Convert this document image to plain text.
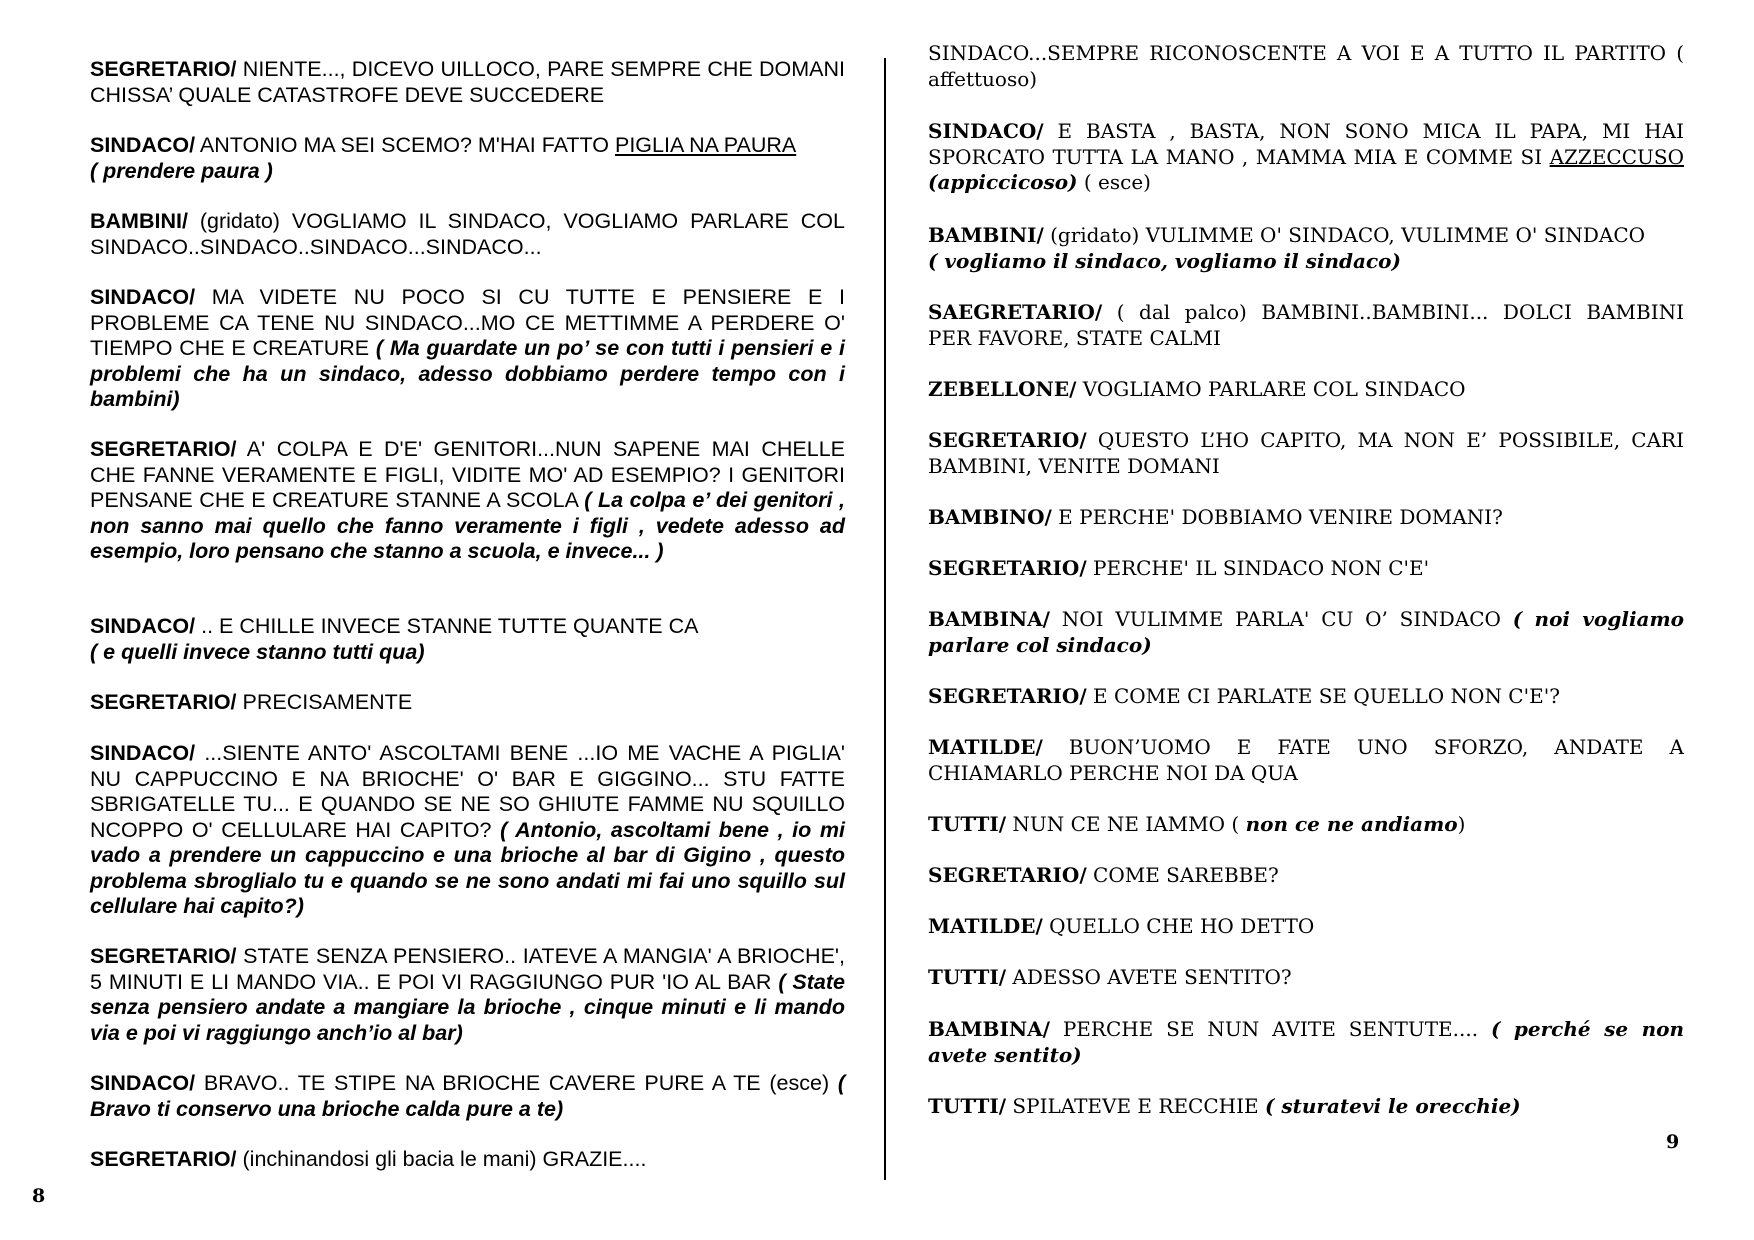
SEGRETARIO/ NIENTE..., DICEVO UILLOCO, PARE SEMPRE CHE DOMANI CHISSA’ QUALE CATASTROFE DEVE SUCCEDERE

SINDACO/ ANTONIO MA SEI SCEMO? M'HAI FATTO PIGLIA NA PAURA
( prendere paura )

BAMBINI/ (gridato) VOGLIAMO IL SINDACO, VOGLIAMO PARLARE COL SINDACO..SINDACO..SINDACO...SINDACO...

SINDACO/ MA VIDETE NU POCO SI CU TUTTE E PENSIERE E I PROBLEME CA TENE NU SINDACO...MO CE METTIMME A PERDERE O' TIEMPO CHE E CREATURE ( Ma guardate un po’ se con tutti i pensieri e i problemi che ha un sindaco, adesso dobbiamo perdere tempo con i bambini)

SEGRETARIO/ A' COLPA E D'E' GENITORI...NUN SAPENE MAI CHELLE CHE FANNE VERAMENTE E FIGLI, VIDITE MO' AD ESEMPIO? I GENITORI PENSANE CHE E CREATURE STANNE A SCOLA ( La colpa e’ dei genitori , non sanno mai quello che fanno veramente i figli , vedete adesso ad esempio, loro pensano che stanno a scuola, e invece... )

SINDACO/ .. E CHILLE INVECE STANNE TUTTE QUANTE CA
( e quelli invece stanno tutti qua)

SEGRETARIO/ PRECISAMENTE

SINDACO/ ...SIENTE ANTO' ASCOLTAMI BENE ...IO ME VACHE A PIGLIA' NU CAPPUCCINO E NA BRIOCHE' O' BAR E GIGGINO... STU FATTE SBRIGATELLE TU... E QUANDO SE NE SO GHIUTE FAMME NU SQUILLO NCOPPO O' CELLULARE HAI CAPITO? ( Antonio, ascoltami bene , io mi vado a prendere un cappuccino e una brioche al bar di Gigino , questo problema sbroglialo tu e quando se ne sono andati mi fai uno squillo sul cellulare hai capito?)

SEGRETARIO/ STATE SENZA PENSIERO.. IATEVE A MANGIA' A BRIOCHE', 5 MINUTI E LI MANDO VIA.. E POI VI RAGGIUNGO PUR 'IO AL BAR ( State senza pensiero andate a mangiare la brioche , cinque minuti e li mando via e poi vi raggiungo anch’io al bar)

SINDACO/ BRAVO.. TE STIPE NA BRIOCHE CAVERE PURE A TE (esce) ( Bravo ti conservo una brioche calda pure a te)

SEGRETARIO/ (inchinandosi gli bacia le mani) GRAZIE....

SINDACO...SEMPRE RICONOSCENTE A VOI E A TUTTO IL PARTITO ( affettuoso)

SINDACO/ E BASTA , BASTA, NON SONO MICA IL PAPA, MI HAI SPORCATO TUTTA LA MANO , MAMMA MIA E COMME SI AZZECCUSO (appiccicoso) ( esce)

BAMBINI/ (gridato) VULIMME O' SINDACO, VULIMME O' SINDACO
( vogliamo il sindaco, vogliamo il sindaco)

SAEGRETARIO/ ( dal palco) BAMBINI..BAMBINI... DOLCI BAMBINI PER FAVORE, STATE CALMI

ZEBELLONE/ VOGLIAMO PARLARE COL SINDACO

SEGRETARIO/ QUESTO L’HO CAPITO, MA NON E’ POSSIBILE, CARI BAMBINI, VENITE DOMANI

BAMBINO/ E PERCHE' DOBBIAMO VENIRE DOMANI?

SEGRETARIO/ PERCHE' IL SINDACO NON C'E'

BAMBINA/ NOI VULIMME PARLA' CU O’ SINDACO ( noi vogliamo parlare col sindaco)

SEGRETARIO/ E COME CI PARLATE SE QUELLO NON C'E'?

MATILDE/ BUON’UOMO E FATE UNO SFORZO, ANDATE A CHIAMARLO PERCHE NOI DA QUA

TUTTI/ NUN CE NE IAMMO ( non ce ne andiamo)

SEGRETARIO/ COME SAREBBE?

MATILDE/ QUELLO CHE HO DETTO

TUTTI/ ADESSO AVETE SENTITO?

BAMBINA/ PERCHE SE NUN AVITE SENTUTE.... ( perché se non avete sentito)

TUTTI/ SPILATEVE E RECCHIE ( sturatevi le orecchie)

8
9
